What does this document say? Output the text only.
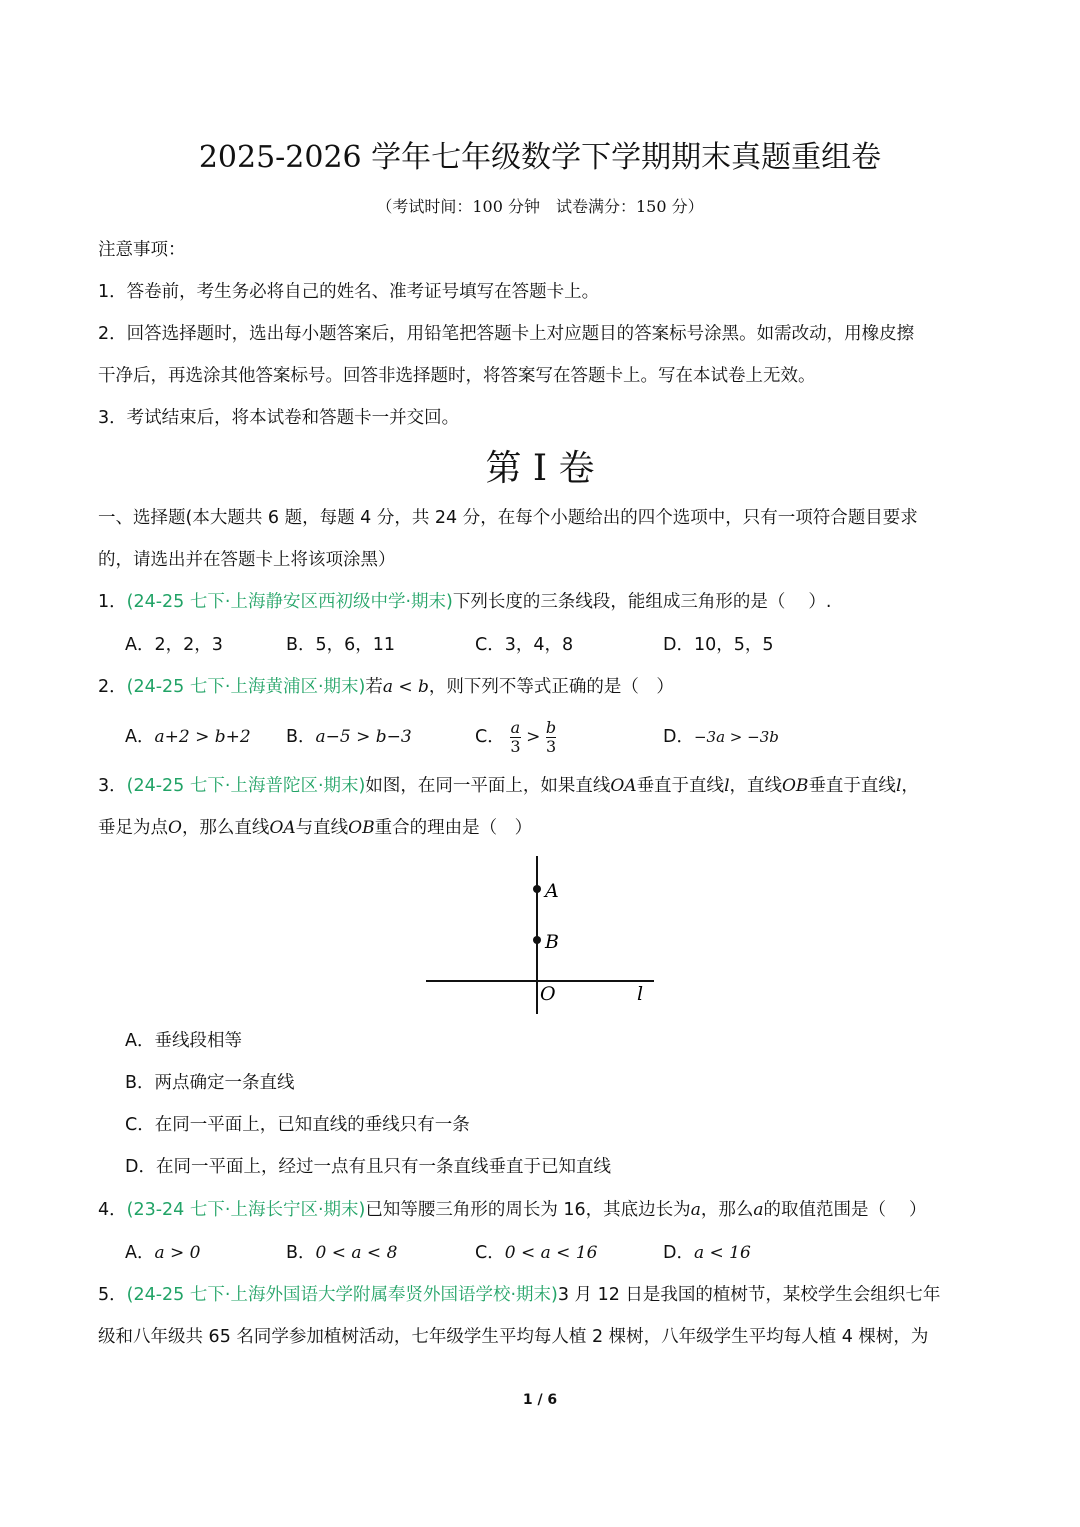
2025-2026 学年七年级数学下学期期末真题重组卷
（考试时间：100 分钟　试卷满分：150 分）
注意事项：
1．答卷前，考生务必将自己的姓名、准考证号填写在答题卡上。
2．回答选择题时，选出每小题答案后，用铅笔把答题卡上对应题目的答案标号涂黑。如需改动，用橡皮擦
干净后，再选涂其他答案标号。回答非选择题时，将答案写在答题卡上。写在本试卷上无效。
3．考试结束后，将本试卷和答题卡一并交回。
第 I 卷
一、选择题(本大题共 6 题，每题 4 分，共 24 分，在每个小题给出的四个选项中，只有一项符合题目要求
的，请选出并在答题卡上将该项涂黑）
1．(24-25 七下·上海静安区西初级中学·期末)下列长度的三条线段，能组成三角形的是（　 ）.
A．2，2，3	B．5，6，11	C．3，4，8	D．10，5，5
2．(24-25 七下·上海黄浦区·期末)若a < b，则下列不等式正确的是（　）
A．a+2 > b+2 B．a−5 > b−3	C． $\frac{a}{3} > \frac{b}{3}$	D．−3a > −3b
3．(24-25 七下·上海普陀区·期末)如图，在同一平面上，如果直线OA垂直于直线l，直线OB垂直于直线l，
垂足为点O，那么直线OA与直线OB重合的理由是（　）
A
B
O	l
A．垂线段相等
B．两点确定一条直线
C．在同一平面上，已知直线的垂线只有一条
D．在同一平面上，经过一点有且只有一条直线垂直于已知直线
4．(23-24 七下·上海长宁区·期末)已知等腰三角形的周长为 16，其底边长为a，那么a的取值范围是（　 ）
A．a > 0	B．0 < a < 8	C．0 < a < 16	D．a < 16
5．(24-25 七下·上海外国语大学附属奉贤外国语学校·期末)3 月 12 日是我国的植树节，某校学生会组织七年
级和八年级共 65 名同学参加植树活动，七年级学生平均每人植 2 棵树，八年级学生平均每人植 4 棵树，为
1 / 6
